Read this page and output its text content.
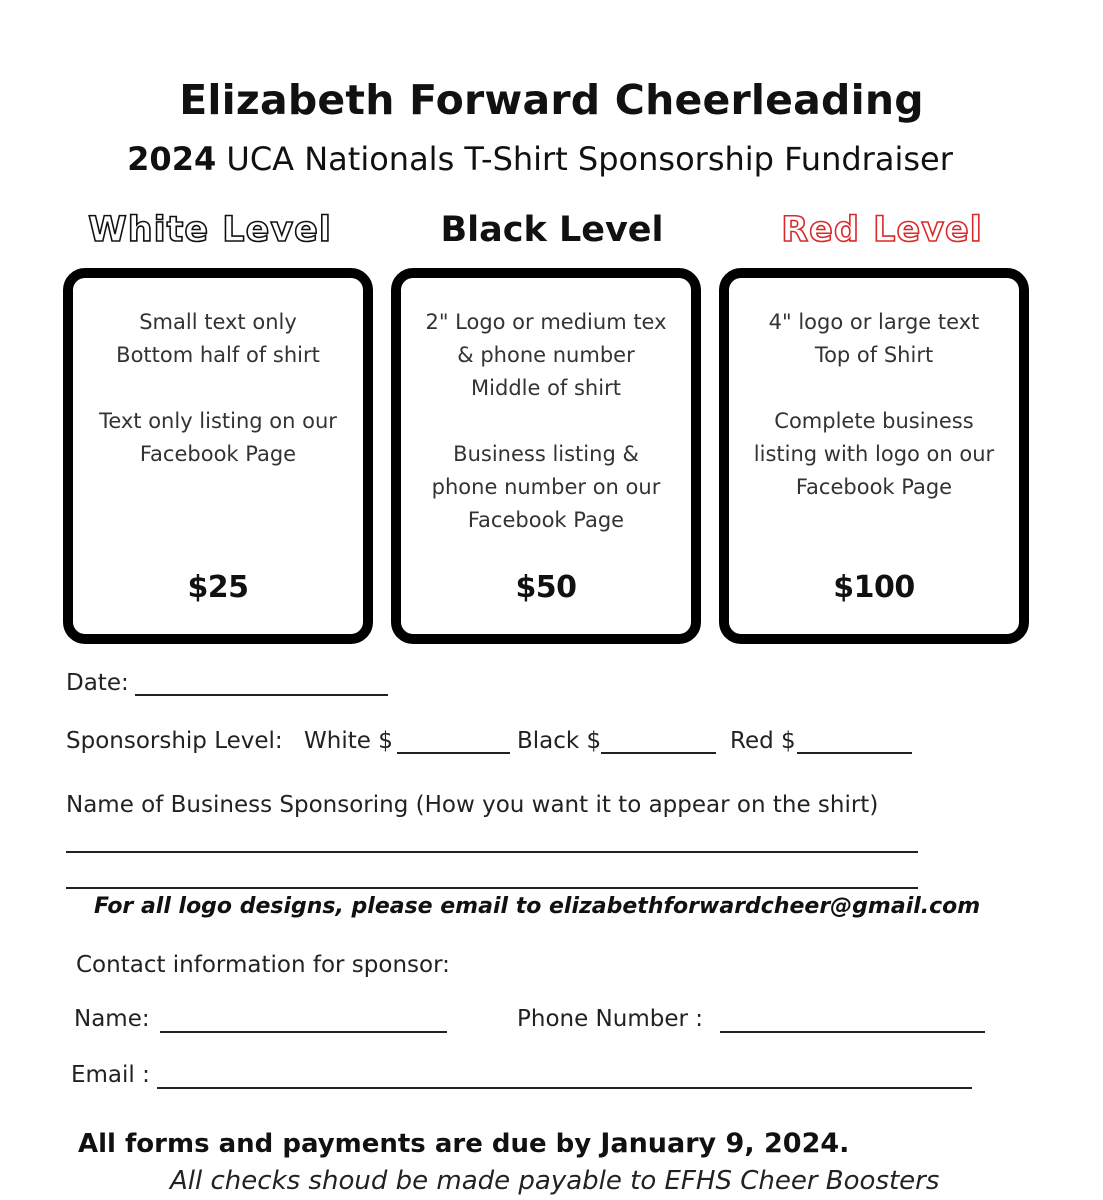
Elizabeth Forward Cheerleading
2024 UCA Nationals T-Shirt Sponsorship Fundraiser
White Level	Black Level	Red Level
Small text only
Bottom half of shirt

Text only listing on our
Facebook Page
$25
2" Logo or medium tex
& phone number
Middle of shirt

Business listing &
phone number on our
Facebook Page
$50
4" logo or large text
Top of Shirt

Complete business
listing with logo on our
Facebook Page
$100
Date:
Sponsorship Level: White $	Black $	Red $
Name of Business Sponsoring (How you want it to appear on the shirt)
For all logo designs, please email to elizabethforwardcheer@gmail.com
Contact information for sponsor:
Name:	Phone Number :
Email :
All forms and payments are due by January 9, 2024.
All checks shoud be made payable to EFHS Cheer Boosters
